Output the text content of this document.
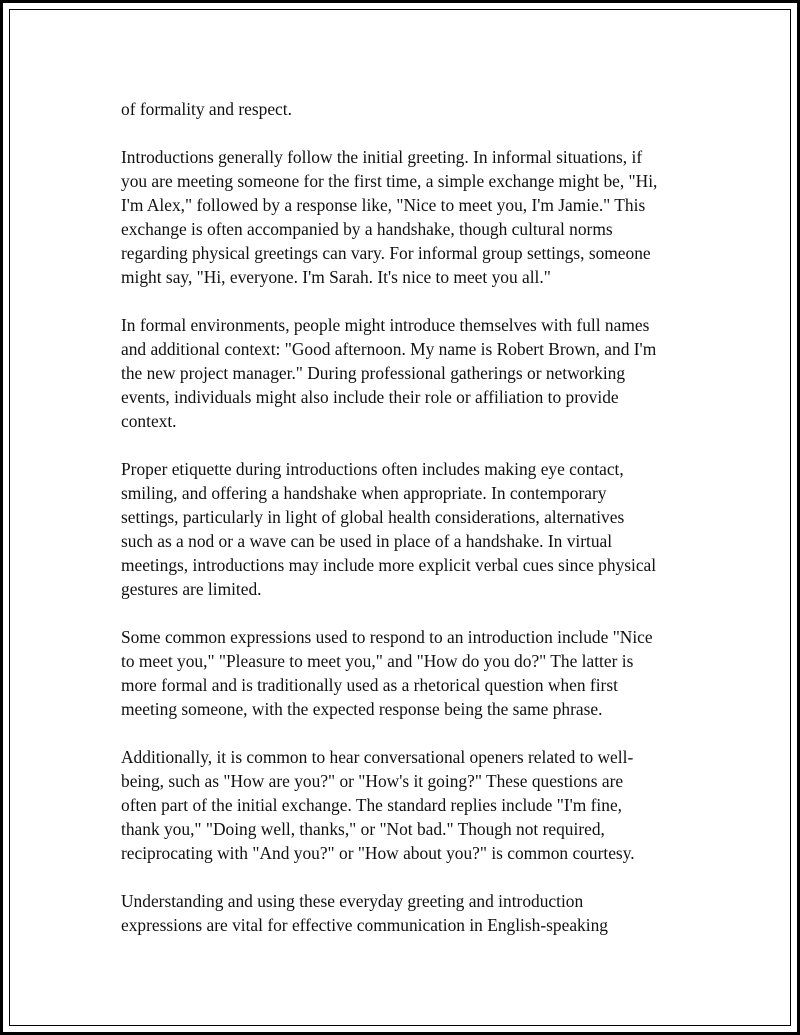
of formality and respect.

Introductions generally follow the initial greeting. In informal situations, if
you are meeting someone for the first time, a simple exchange might be, "Hi,
I'm Alex," followed by a response like, "Nice to meet you, I'm Jamie." This
exchange is often accompanied by a handshake, though cultural norms
regarding physical greetings can vary. For informal group settings, someone
might say, "Hi, everyone. I'm Sarah. It's nice to meet you all."

In formal environments, people might introduce themselves with full names
and additional context: "Good afternoon. My name is Robert Brown, and I'm
the new project manager." During professional gatherings or networking
events, individuals might also include their role or affiliation to provide
context.

Proper etiquette during introductions often includes making eye contact,
smiling, and offering a handshake when appropriate. In contemporary
settings, particularly in light of global health considerations, alternatives
such as a nod or a wave can be used in place of a handshake. In virtual
meetings, introductions may include more explicit verbal cues since physical
gestures are limited.

Some common expressions used to respond to an introduction include "Nice
to meet you," "Pleasure to meet you," and "How do you do?" The latter is
more formal and is traditionally used as a rhetorical question when first
meeting someone, with the expected response being the same phrase.

Additionally, it is common to hear conversational openers related to well-
being, such as "How are you?" or "How's it going?" These questions are
often part of the initial exchange. The standard replies include "I'm fine,
thank you," "Doing well, thanks," or "Not bad." Though not required,
reciprocating with "And you?" or "How about you?" is common courtesy.

Understanding and using these everyday greeting and introduction
expressions are vital for effective communication in English-speaking
